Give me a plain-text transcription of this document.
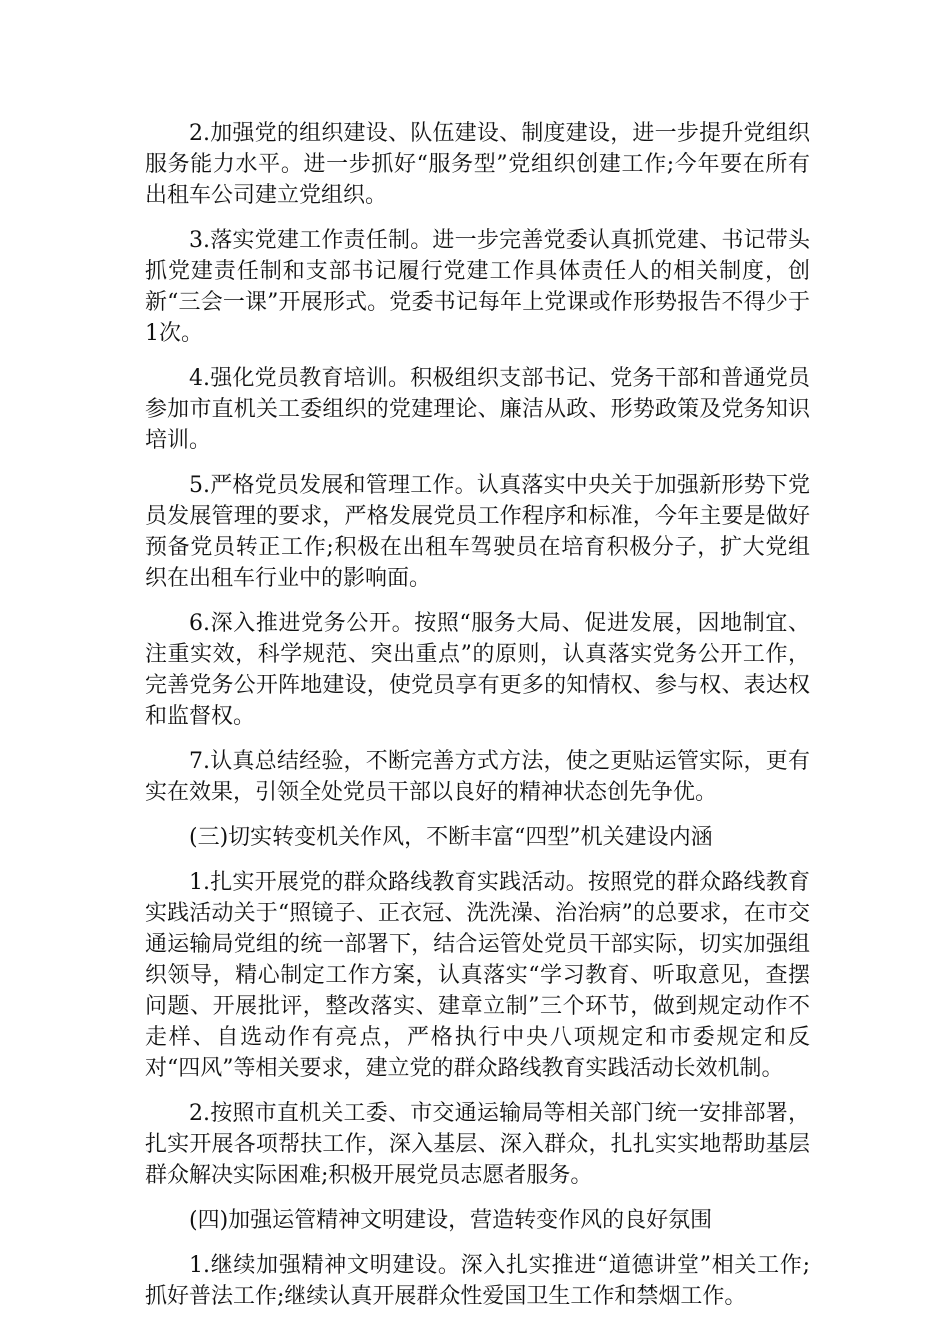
2.加强党的组织建设、队伍建设、制度建设，进一步提升党组织服务能力水平。进一步抓好“服务型”党组织创建工作;今年要在所有出租车公司建立党组织。

3.落实党建工作责任制。进一步完善党委认真抓党建、书记带头抓党建责任制和支部书记履行党建工作具体责任人的相关制度，创新“三会一课”开展形式。党委书记每年上党课或作形势报告不得少于1次。

4.强化党员教育培训。积极组织支部书记、党务干部和普通党员参加市直机关工委组织的党建理论、廉洁从政、形势政策及党务知识培训。

5.严格党员发展和管理工作。认真落实中央关于加强新形势下党员发展管理的要求，严格发展党员工作程序和标准，今年主要是做好预备党员转正工作;积极在出租车驾驶员在培育积极分子，扩大党组织在出租车行业中的影响面。

6.深入推进党务公开。按照“服务大局、促进发展，因地制宜、注重实效，科学规范、突出重点”的原则，认真落实党务公开工作，完善党务公开阵地建设，使党员享有更多的知情权、参与权、表达权和监督权。

7.认真总结经验，不断完善方式方法，使之更贴运管实际，更有实在效果，引领全处党员干部以良好的精神状态创先争优。

(三)切实转变机关作风，不断丰富“四型”机关建设内涵

1.扎实开展党的群众路线教育实践活动。按照党的群众路线教育实践活动关于“照镜子、正衣冠、洗洗澡、治治病”的总要求，在市交通运输局党组的统一部署下，结合运管处党员干部实际，切实加强组织领导，精心制定工作方案，认真落实“学习教育、听取意见，查摆问题、开展批评，整改落实、建章立制”三个环节，做到规定动作不走样、自选动作有亮点，严格执行中央八项规定和市委规定和反对“四风”等相关要求，建立党的群众路线教育实践活动长效机制。

2.按照市直机关工委、市交通运输局等相关部门统一安排部署，扎实开展各项帮扶工作，深入基层、深入群众，扎扎实实地帮助基层群众解决实际困难;积极开展党员志愿者服务。

(四)加强运管精神文明建设，营造转变作风的良好氛围

1.继续加强精神文明建设。深入扎实推进“道德讲堂”相关工作;抓好普法工作;继续认真开展群众性爱国卫生工作和禁烟工作。
